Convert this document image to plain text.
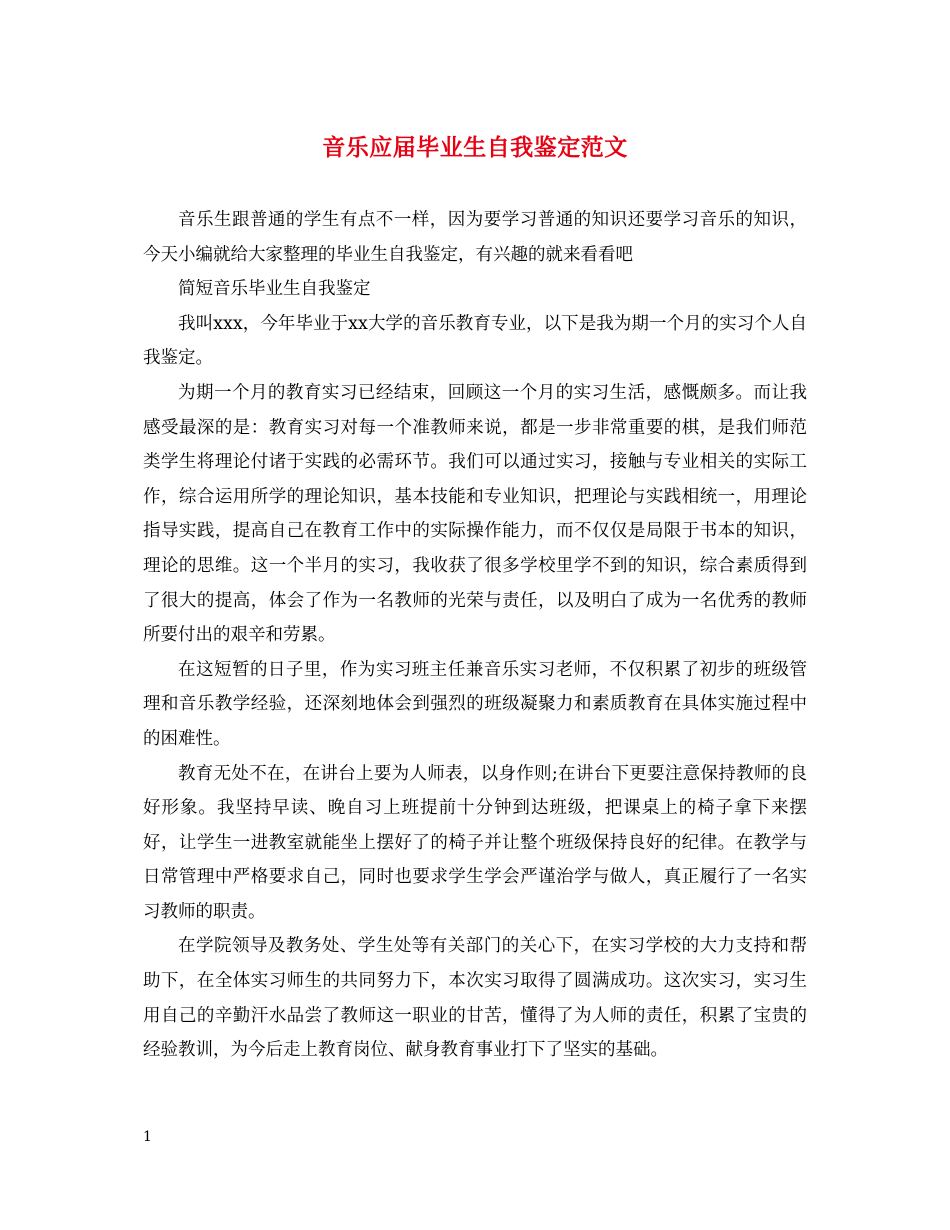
音乐应届毕业生自我鉴定范文

音乐生跟普通的学生有点不一样，因为要学习普通的知识还要学习音乐的知识，今天小编就给大家整理的毕业生自我鉴定，有兴趣的就来看看吧

简短音乐毕业生自我鉴定

我叫xxx，今年毕业于xx大学的音乐教育专业，以下是我为期一个月的实习个人自我鉴定。

为期一个月的教育实习已经结束，回顾这一个月的实习生活，感慨颇多。而让我感受最深的是：教育实习对每一个准教师来说，都是一步非常重要的棋，是我们师范类学生将理论付诸于实践的必需环节。我们可以通过实习，接触与专业相关的实际工作，综合运用所学的理论知识，基本技能和专业知识，把理论与实践相统一，用理论指导实践，提高自己在教育工作中的实际操作能力，而不仅仅是局限于书本的知识，理论的思维。这一个半月的实习，我收获了很多学校里学不到的知识，综合素质得到了很大的提高，体会了作为一名教师的光荣与责任，以及明白了成为一名优秀的教师所要付出的艰辛和劳累。

在这短暂的日子里，作为实习班主任兼音乐实习老师，不仅积累了初步的班级管理和音乐教学经验，还深刻地体会到强烈的班级凝聚力和素质教育在具体实施过程中的困难性。

教育无处不在，在讲台上要为人师表，以身作则;在讲台下更要注意保持教师的良好形象。我坚持早读、晚自习上班提前十分钟到达班级，把课桌上的椅子拿下来摆好，让学生一进教室就能坐上摆好了的椅子并让整个班级保持良好的纪律。在教学与日常管理中严格要求自己，同时也要求学生学会严谨治学与做人，真正履行了一名实习教师的职责。

在学院领导及教务处、学生处等有关部门的关心下，在实习学校的大力支持和帮助下，在全体实习师生的共同努力下，本次实习取得了圆满成功。这次实习，实习生用自己的辛勤汗水品尝了教师这一职业的甘苦，懂得了为人师的责任，积累了宝贵的经验教训，为今后走上教育岗位、献身教育事业打下了坚实的基础。

1
